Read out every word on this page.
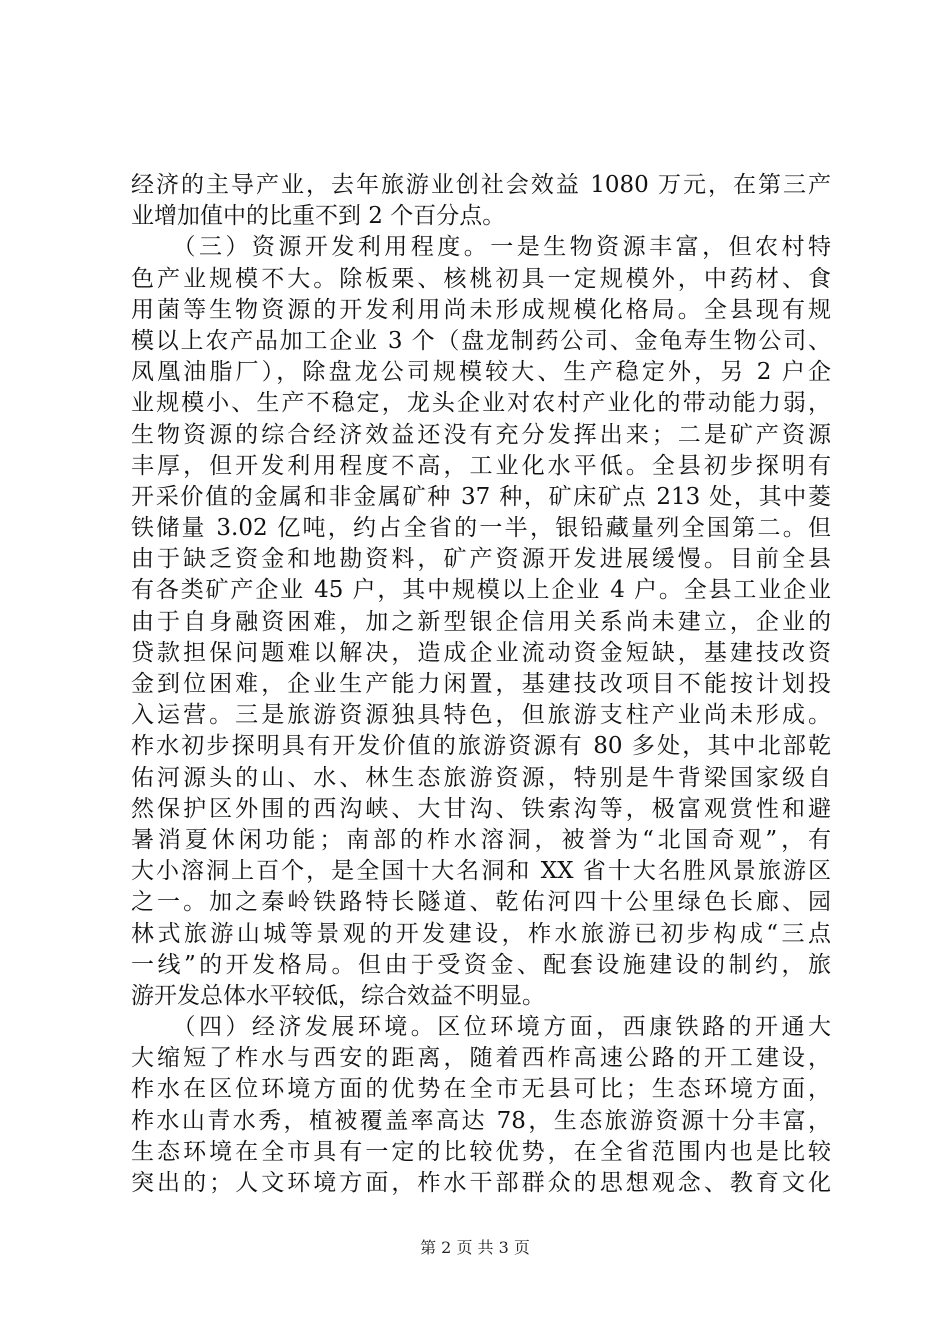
经济的主导产业，去年旅游业创社会效益 1080 万元，在第三产
业增加值中的比重不到 2 个百分点。
　　（三）资源开发利用程度。一是生物资源丰富，但农村特
色产业规模不大。除板栗、核桃初具一定规模外，中药材、食
用菌等生物资源的开发利用尚未形成规模化格局。全县现有规
模以上农产品加工企业 3 个（盘龙制药公司、金龟寿生物公司、
凤凰油脂厂），除盘龙公司规模较大、生产稳定外，另 2 户企
业规模小、生产不稳定，龙头企业对农村产业化的带动能力弱，
生物资源的综合经济效益还没有充分发挥出来；二是矿产资源
丰厚，但开发利用程度不高，工业化水平低。全县初步探明有
开采价值的金属和非金属矿种 37 种，矿床矿点 213 处，其中菱
铁储量 3.02 亿吨，约占全省的一半，银铅藏量列全国第二。但
由于缺乏资金和地勘资料，矿产资源开发进展缓慢。目前全县
有各类矿产企业 45 户，其中规模以上企业 4 户。全县工业企业
由于自身融资困难，加之新型银企信用关系尚未建立，企业的
贷款担保问题难以解决，造成企业流动资金短缺，基建技改资
金到位困难，企业生产能力闲置，基建技改项目不能按计划投
入运营。三是旅游资源独具特色，但旅游支柱产业尚未形成。
柞水初步探明具有开发价值的旅游资源有 80 多处，其中北部乾
佑河源头的山、水、林生态旅游资源，特别是牛背梁国家级自
然保护区外围的西沟峡、大甘沟、铁索沟等，极富观赏性和避
暑消夏休闲功能；南部的柞水溶洞，被誉为“北国奇观”，有
大小溶洞上百个，是全国十大名洞和 XX 省十大名胜风景旅游区
之一。加之秦岭铁路特长隧道、乾佑河四十公里绿色长廊、园
林式旅游山城等景观的开发建设，柞水旅游已初步构成“三点
一线”的开发格局。但由于受资金、配套设施建设的制约，旅
游开发总体水平较低，综合效益不明显。
　　（四）经济发展环境。区位环境方面，西康铁路的开通大
大缩短了柞水与西安的距离，随着西柞高速公路的开工建设，
柞水在区位环境方面的优势在全市无县可比；生态环境方面，
柞水山青水秀，植被覆盖率高达 78，生态旅游资源十分丰富，
生态环境在全市具有一定的比较优势，在全省范围内也是比较
突出的；人文环境方面，柞水干部群众的思想观念、教育文化
第 2 页 共 3 页
